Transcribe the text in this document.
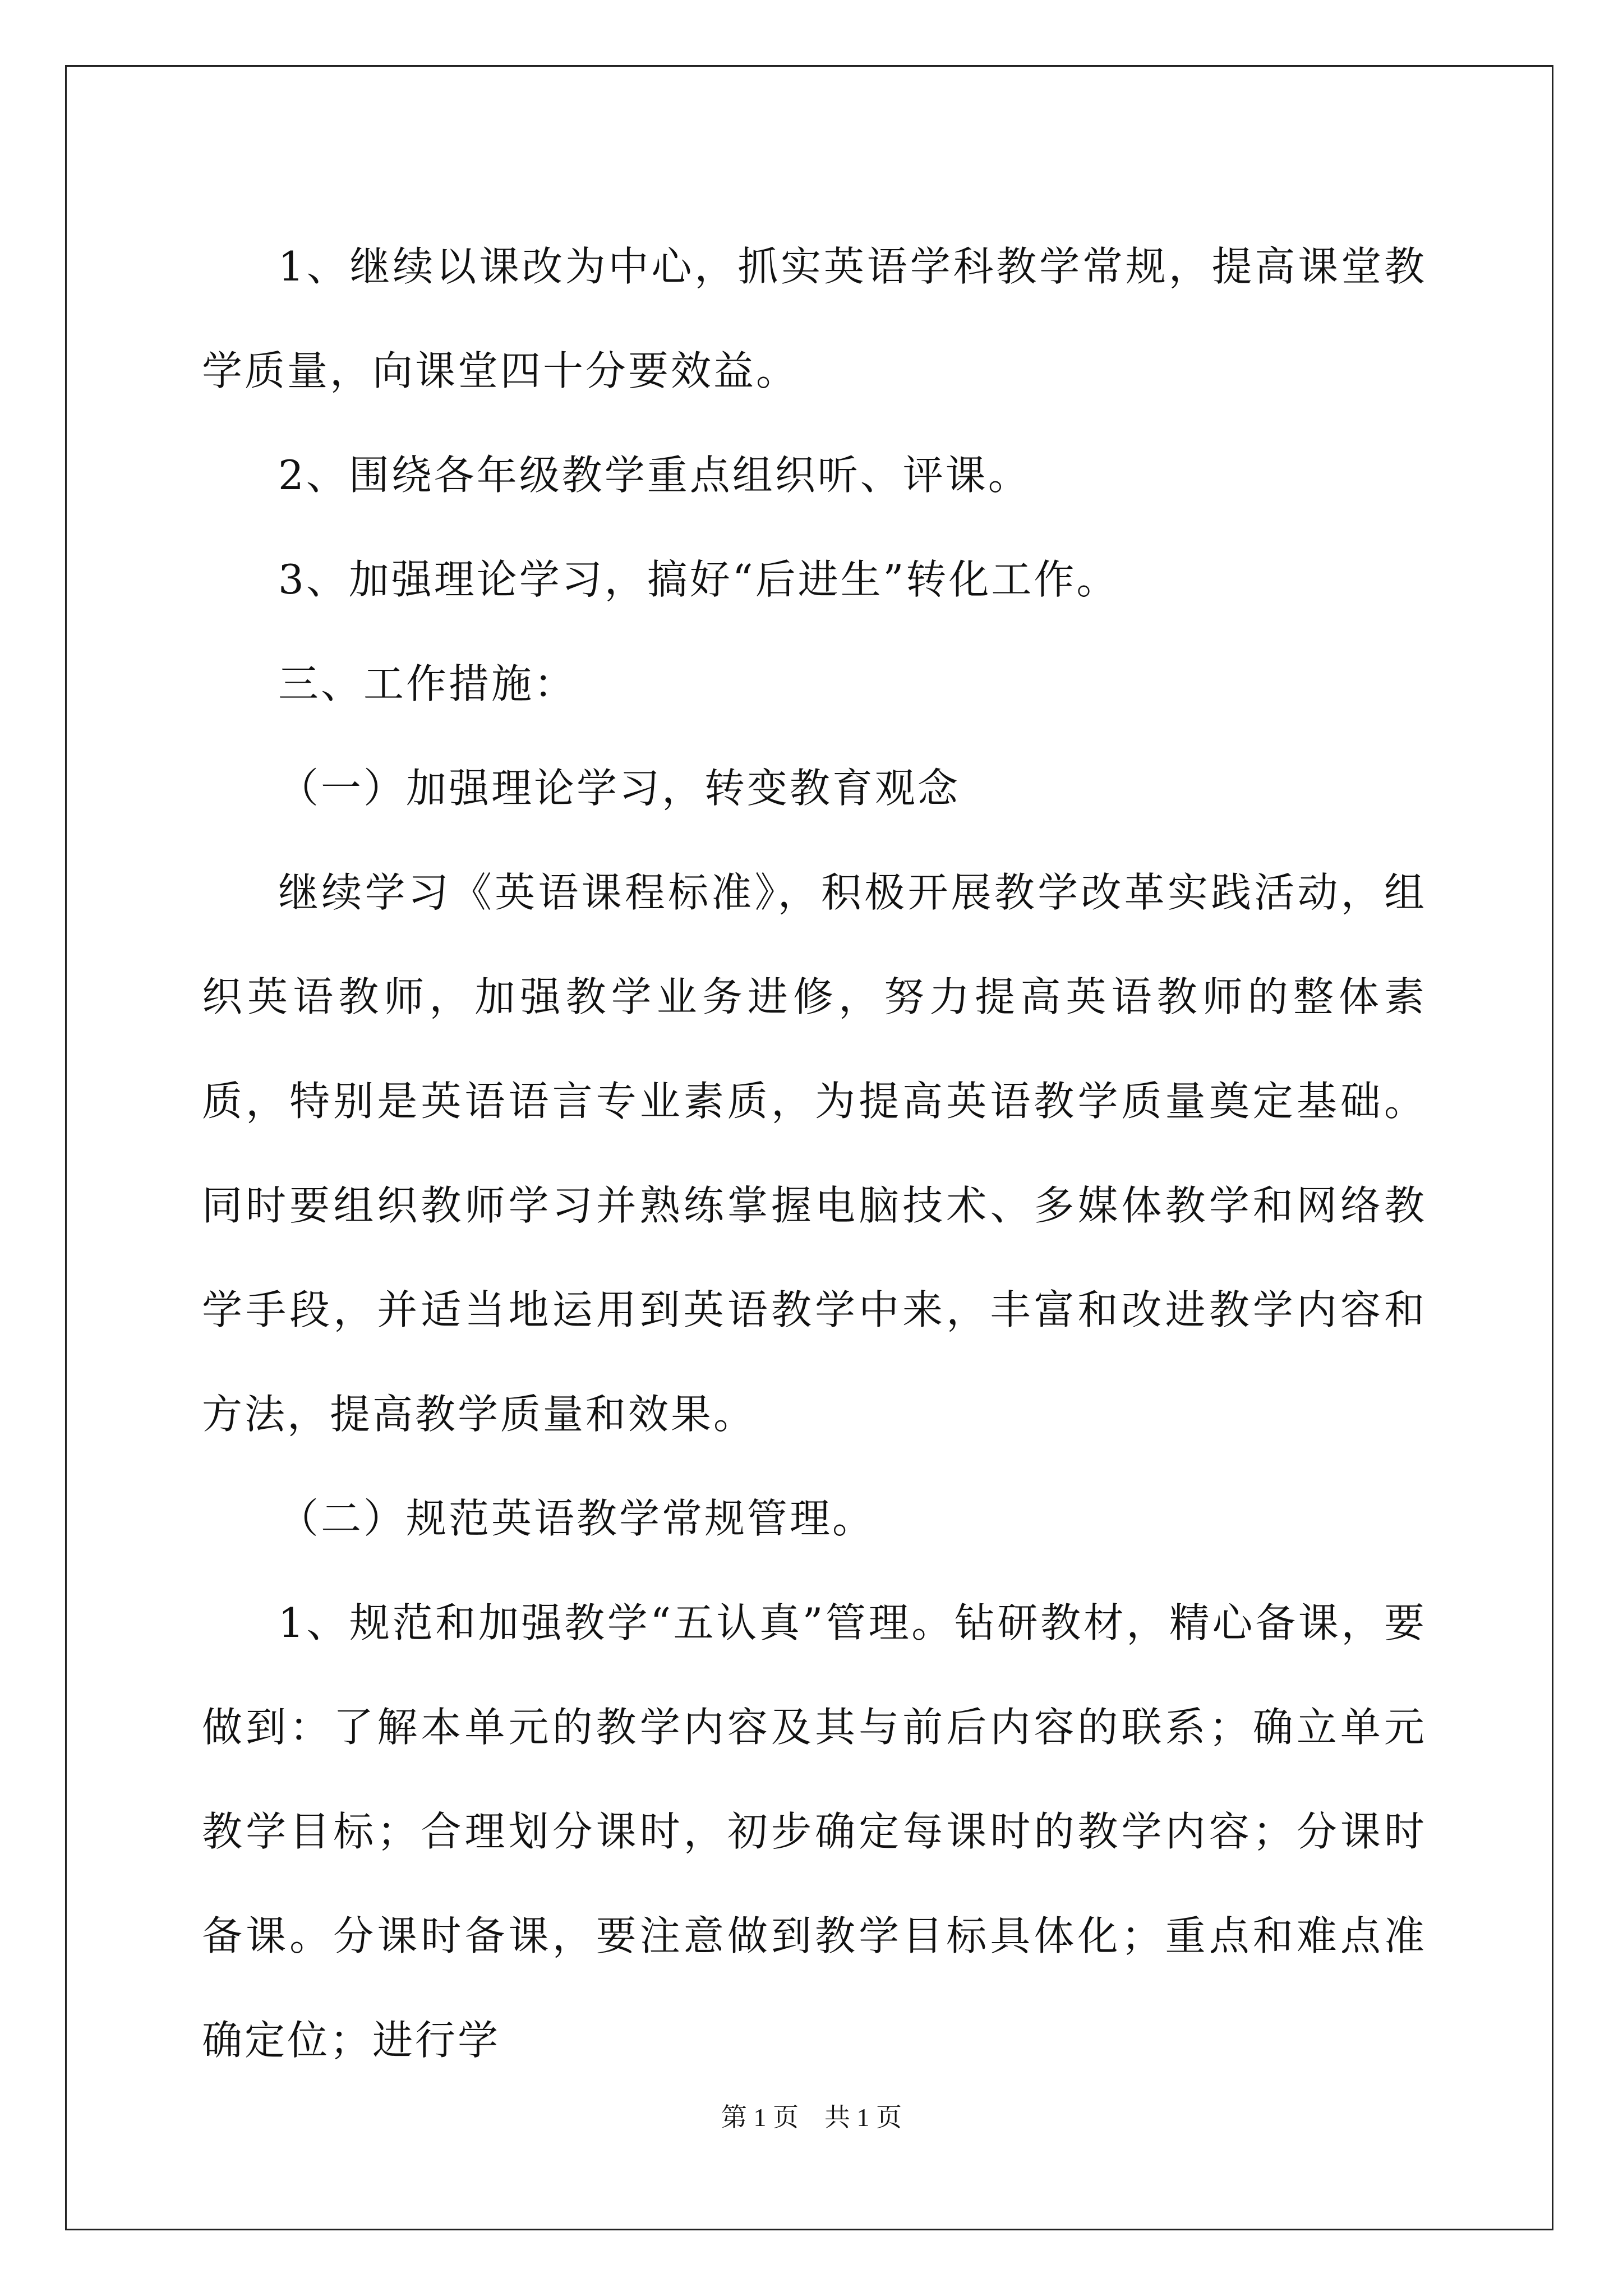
1、继续以课改为中心，抓实英语学科教学常规，提高课堂教学质量，向课堂四十分要效益。

2、围绕各年级教学重点组织听、评课。

3、加强理论学习，搞好“后进生”转化工作。

三、工作措施：

（一）加强理论学习，转变教育观念

继续学习《英语课程标准》，积极开展教学改革实践活动，组织英语教师，加强教学业务进修，努力提高英语教师的整体素质，特别是英语语言专业素质，为提高英语教学质量奠定基础。同时要组织教师学习并熟练掌握电脑技术、多媒体教学和网络教学手段，并适当地运用到英语教学中来，丰富和改进教学内容和方法，提高教学质量和效果。

（二）规范英语教学常规管理。

1、规范和加强教学“五认真”管理。钻研教材，精心备课，要做到：了解本单元的教学内容及其与前后内容的联系；确立单元教学目标；合理划分课时，初步确定每课时的教学内容；分课时备课。分课时备课，要注意做到教学目标具体化；重点和难点准确定位；进行学

第 1 页　共 1 页
